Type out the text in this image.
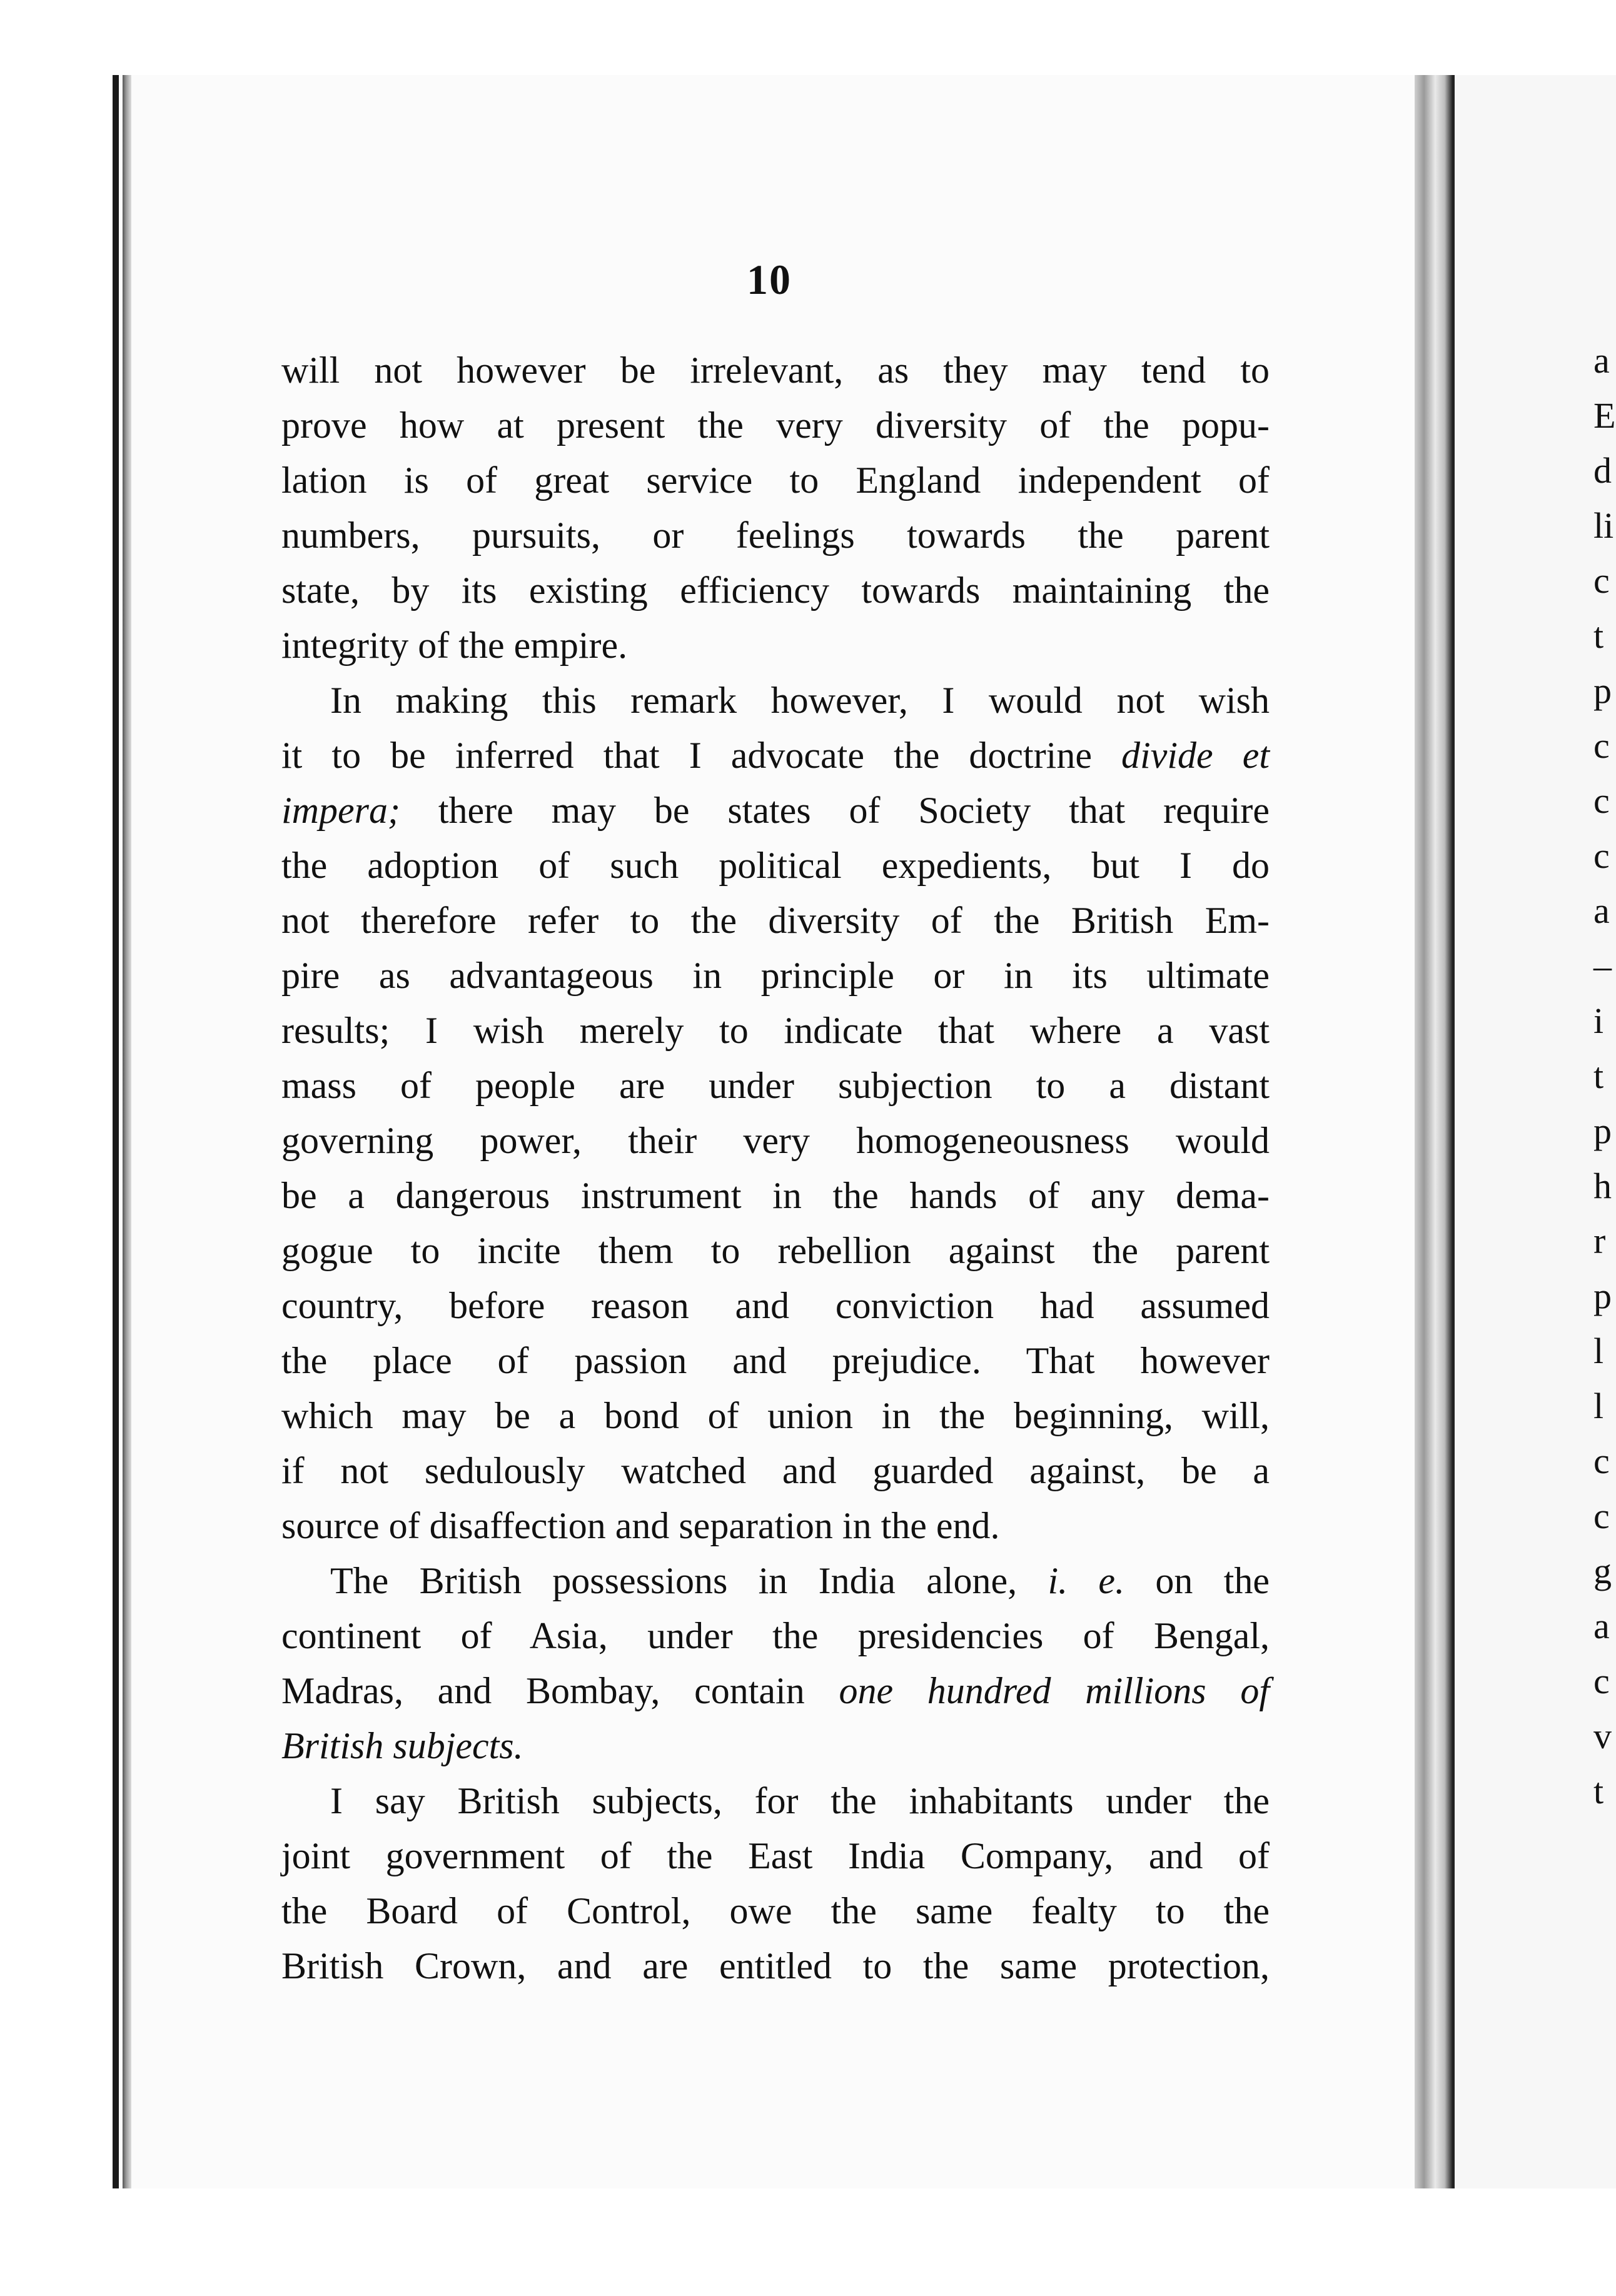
10
will not however be irrelevant, as they may tend to
prove how at present the very diversity of the popu-
lation is of great service to England independent of
numbers, pursuits, or feelings towards the parent
state, by its existing efficiency towards maintaining the
integrity of the empire.
In making this remark however, I would not wish
it to be inferred that I advocate the doctrine divide et
impera; there may be states of Society that require
the adoption of such political expedients, but I do
not therefore refer to the diversity of the British Em-
pire as advantageous in principle or in its ultimate
results; I wish merely to indicate that where a vast
mass of people are under subjection to a distant
governing power, their very homogeneousness would
be a dangerous instrument in the hands of any dema-
gogue to incite them to rebellion against the parent
country, before reason and conviction had assumed
the place of passion and prejudice. That however
which may be a bond of union in the beginning, will,
if not sedulously watched and guarded against, be a
source of disaffection and separation in the end.
The British possessions in India alone, i. e. on the
continent of Asia, under the presidencies of Bengal,
Madras, and Bombay, contain one hundred millions of
British subjects.
I say British subjects, for the inhabitants under the
joint government of the East India Company, and of
the Board of Control, owe the same fealty to the
British Crown, and are entitled to the same protection,
a
E
d
li
c
t
p
c
c
c
a
–
i
t
p
h
r
p
l
l
c
c
g
a
c
v
t
